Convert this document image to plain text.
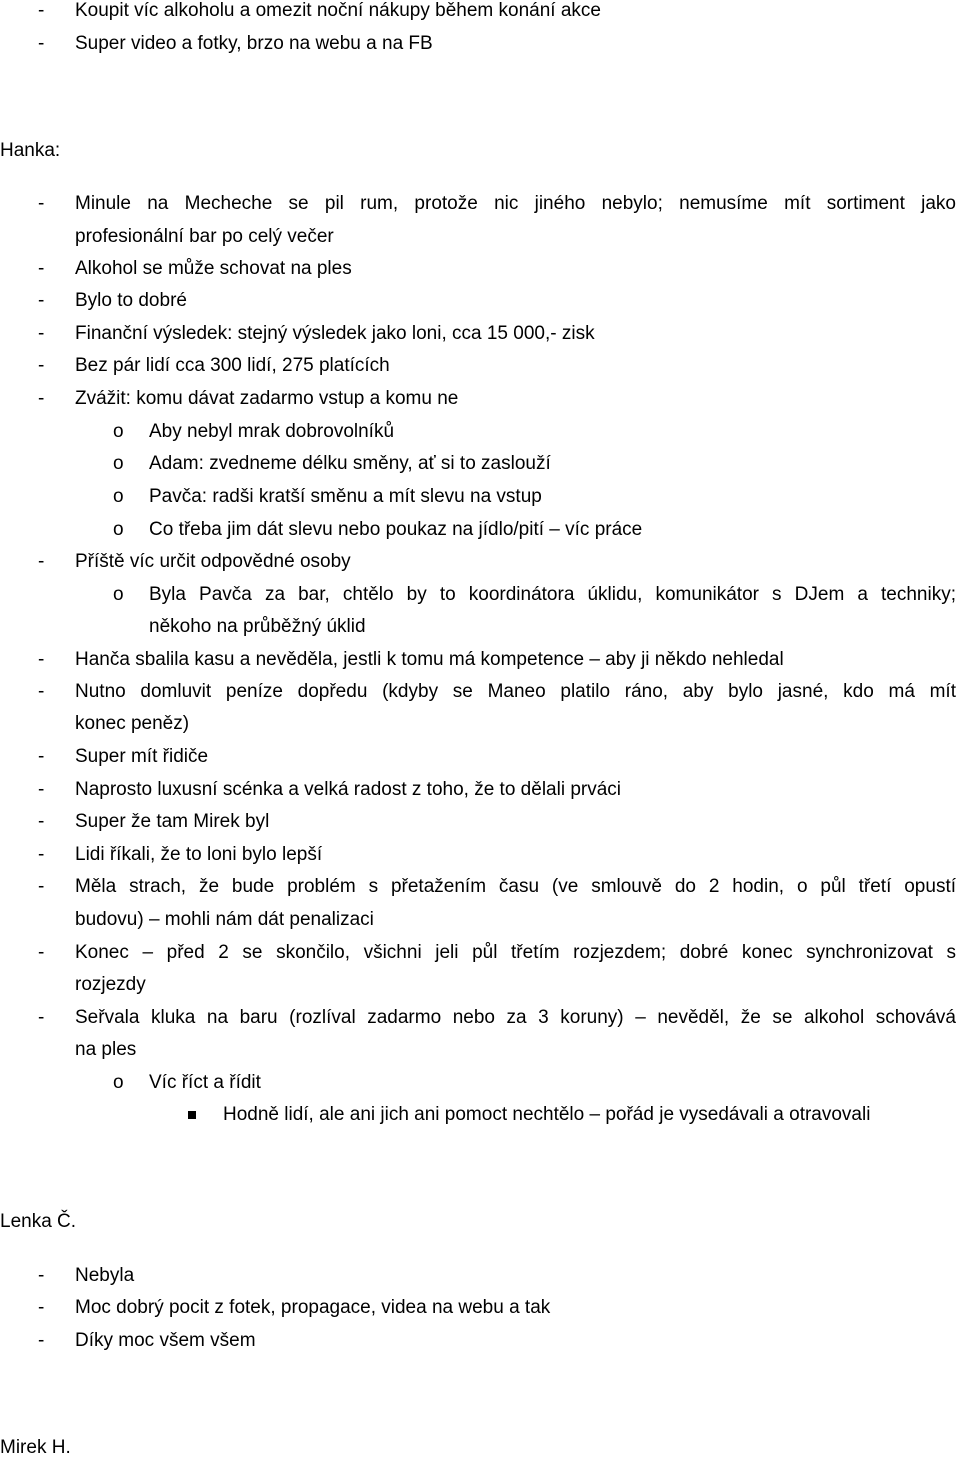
- Koupit víc alkoholu a omezit noční nákupy během konání akce
- Super video a fotky, brzo na webu a na FB
Hanka:
- Minule na Mecheche se pil rum, protože nic jiného nebylo; nemusíme mít sortiment jako
profesionální bar po celý večer
- Alkohol se může schovat na ples
- Bylo to dobré
- Finanční výsledek: stejný výsledek jako loni, cca 15 000,- zisk
- Bez pár lidí cca 300 lidí, 275 platících
- Zvážit: komu dávat zadarmo vstup a komu ne
o Aby nebyl mrak dobrovolníků
o Adam: zvedneme délku směny, ať si to zaslouží
o Pavča: radši kratší směnu a mít slevu na vstup
o Co třeba jim dát slevu nebo poukaz na jídlo/pití – víc práce
- Příště víc určit odpovědné osoby
o Byla Pavča za bar, chtělo by to koordinátora úklidu, komunikátor s DJem a techniky;
někoho na průběžný úklid
- Hanča sbalila kasu a nevěděla, jestli k tomu má kompetence – aby ji někdo nehledal
- Nutno domluvit peníze dopředu (kdyby se Maneo platilo ráno, aby bylo jasné, kdo má mít
konec peněz)
- Super mít řidiče
- Naprosto luxusní scénka a velká radost z toho, že to dělali prváci
- Super že tam Mirek byl
- Lidi říkali, že to loni bylo lepší
- Měla strach, že bude problém s přetažením času (ve smlouvě do 2 hodin, o půl třetí opustí
budovu) – mohli nám dát penalizaci
- Konec – před 2 se skončilo, všichni jeli půl třetím rozjezdem; dobré konec synchronizovat s
rozjezdy
- Seřvala kluka na baru (rozlíval zadarmo nebo za 3 koruny) – nevěděl, že se alkohol schovává
na ples
o Víc říct a řídit
Hodně lidí, ale ani jich ani pomoct nechtělo – pořád je vysedávali a otravovali
Lenka Č.
- Nebyla
- Moc dobrý pocit z fotek, propagace, videa na webu a tak
- Díky moc všem všem
Mirek H.
